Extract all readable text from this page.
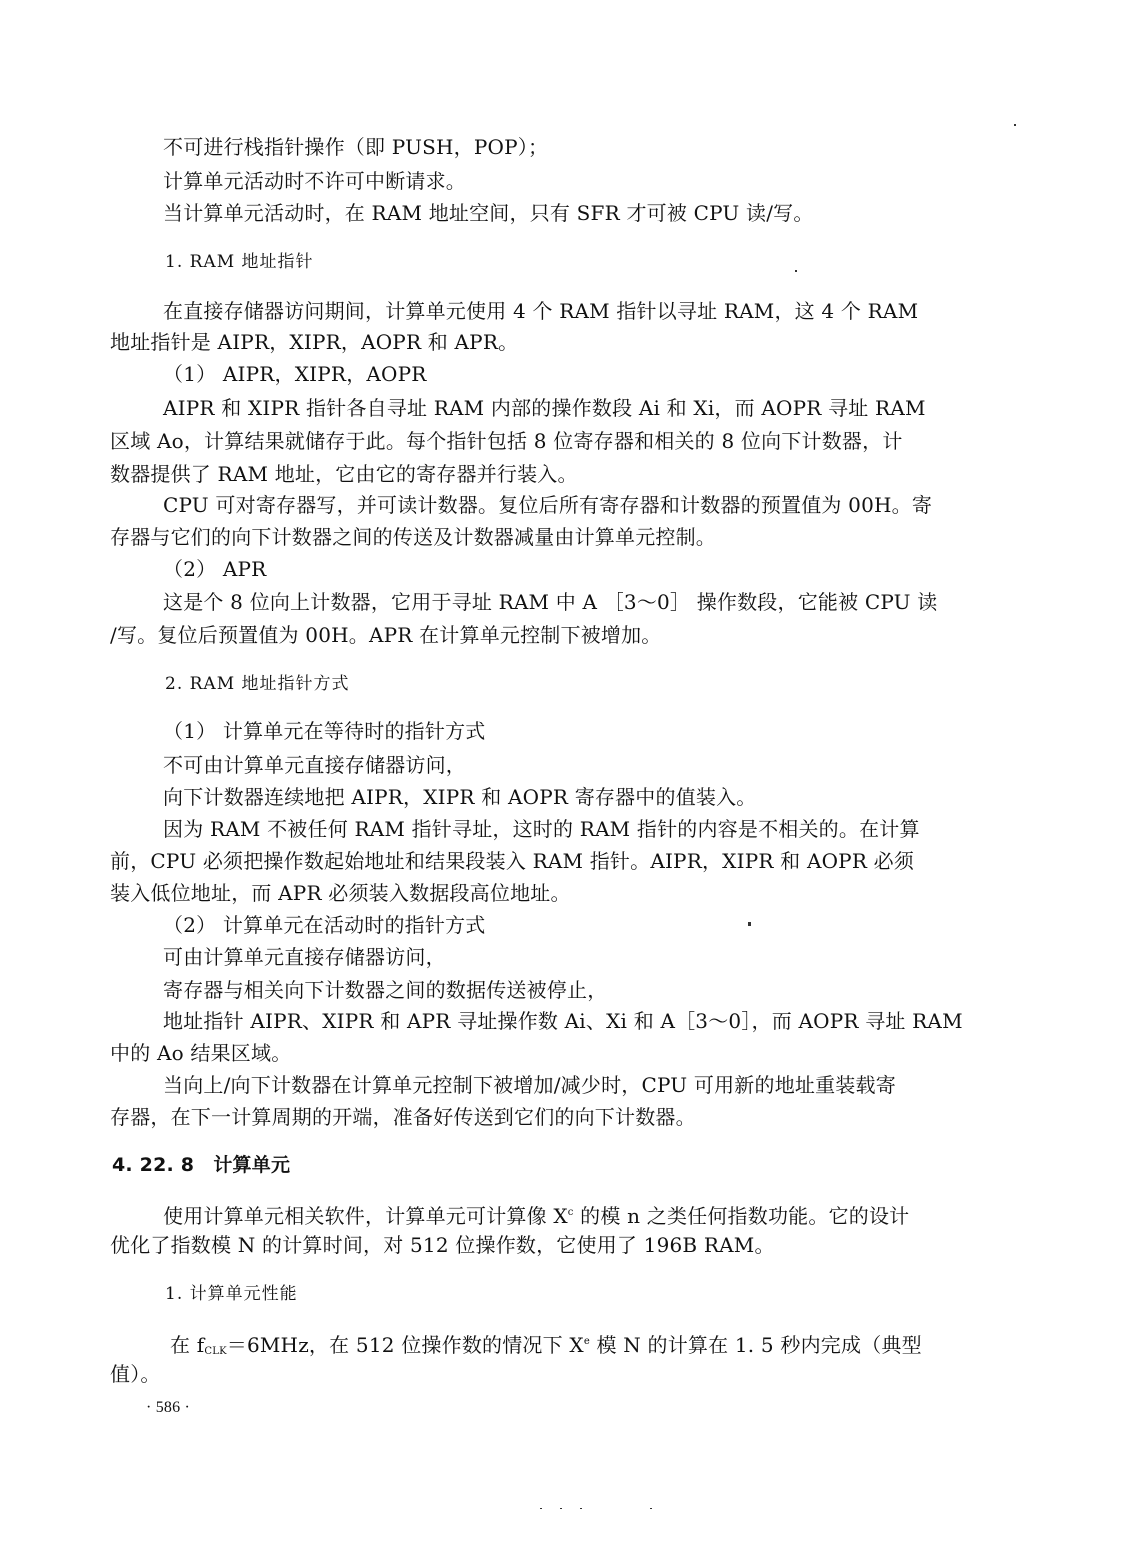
不可进行栈指针操作（即 PUSH，POP）；
计算单元活动时不许可中断请求。
当计算单元活动时，在 RAM 地址空间，只有 SFR 才可被 CPU 读/写。
1. RAM 地址指针
在直接存储器访问期间，计算单元使用 4 个 RAM 指针以寻址 RAM，这 4 个 RAM
地址指针是 AIPR，XIPR，AOPR 和 APR。
（1） AIPR，XIPR，AOPR
AIPR 和 XIPR 指针各自寻址 RAM 内部的操作数段 Ai 和 Xi，而 AOPR 寻址 RAM
区域 Ao，计算结果就储存于此。每个指针包括 8 位寄存器和相关的 8 位向下计数器，计
数器提供了 RAM 地址，它由它的寄存器并行装入。
CPU 可对寄存器写，并可读计数器。复位后所有寄存器和计数器的预置值为 00H。寄
存器与它们的向下计数器之间的传送及计数器减量由计算单元控制。
（2） APR
这是个 8 位向上计数器，它用于寻址 RAM 中 A ［3～0］ 操作数段，它能被 CPU 读
/写。复位后预置值为 00H。APR 在计算单元控制下被增加。
2. RAM 地址指针方式
（1） 计算单元在等待时的指针方式
不可由计算单元直接存储器访问，
向下计数器连续地把 AIPR，XIPR 和 AOPR 寄存器中的值装入。
因为 RAM 不被任何 RAM 指针寻址，这时的 RAM 指针的内容是不相关的。在计算
前，CPU 必须把操作数起始地址和结果段装入 RAM 指针。AIPR，XIPR 和 AOPR 必须
装入低位地址，而 APR 必须装入数据段高位地址。
（2） 计算单元在活动时的指针方式
可由计算单元直接存储器访问，
寄存器与相关向下计数器之间的数据传送被停止，
地址指针 AIPR、XIPR 和 APR 寻址操作数 Ai、Xi 和 A［3～0］，而 AOPR 寻址 RAM
中的 Ao 结果区域。
当向上/向下计数器在计算单元控制下被增加/减少时，CPU 可用新的地址重装载寄
存器，在下一计算周期的开端，准备好传送到它们的向下计数器。
4. 22. 8　计算单元
使用计算单元相关软件，计算单元可计算像 $X^c$ 的模 n 之类任何指数功能。它的设计
优化了指数模 N 的计算时间，对 512 位操作数，它使用了 196B RAM。
1. 计算单元性能
在 $f_{CLK}=6MHz$，在 512 位操作数的情况下 Xe 模 N 的计算在 1. 5 秒内完成（典型
值）。
· 586 ·
